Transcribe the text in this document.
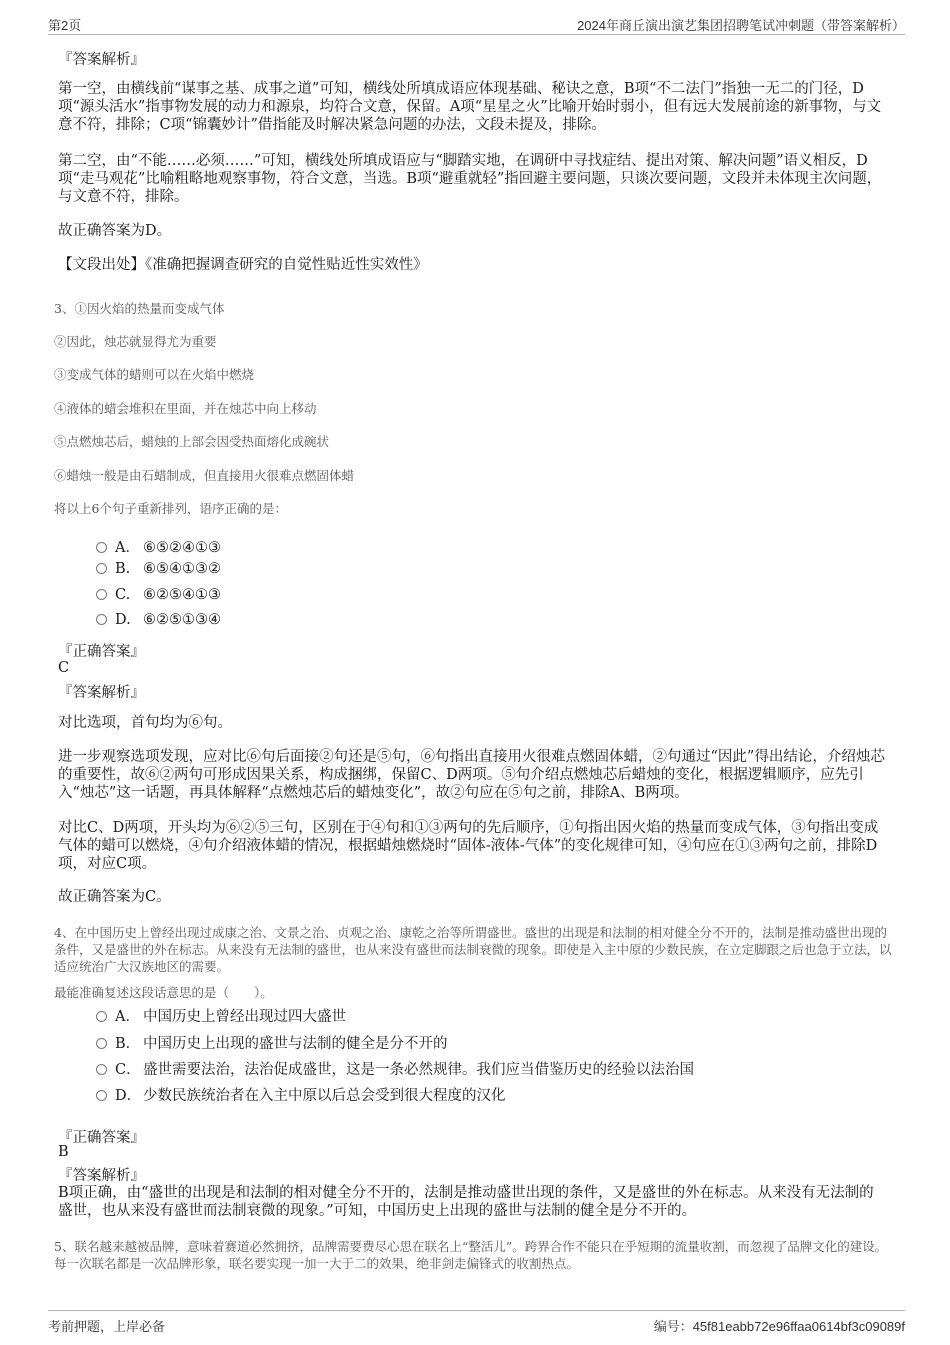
第2页	2024年商丘演出演艺集团招聘笔试冲刺题（带答案解析）
『答案解析』
第一空，由横线前“谋事之基、成事之道”可知，横线处所填成语应体现基础、秘诀之意，B项“不二法门”指独一无二的门径，D项“源头活水”指事物发展的动力和源泉，均符合文意，保留。A项“星星之火”比喻开始时弱小，但有远大发展前途的新事物，与文意不符，排除；C项“锦囊妙计”借指能及时解决紧急问题的办法，文段未提及，排除。
第二空，由“不能……必须……”可知，横线处所填成语应与“脚踏实地，在调研中寻找症结、提出对策、解决问题”语义相反，D项“走马观花”比喻粗略地观察事物，符合文意，当选。B项“避重就轻”指回避主要问题，只谈次要问题，文段并未体现主次问题，与文意不符，排除。
故正确答案为D。
【文段出处】《准确把握调查研究的自觉性贴近性实效性》
3、①因火焰的热量而变成气体
②因此，烛芯就显得尤为重要
③变成气体的蜡则可以在火焰中燃烧
④液体的蜡会堆积在里面，并在烛芯中向上移动
⑤点燃烛芯后，蜡烛的上部会因受热面熔化成碗状
⑥蜡烛一般是由石蜡制成，但直接用火很难点燃固体蜡
将以上6个句子重新排列，语序正确的是：
A． ⑥⑤②④①③
B. ⑥⑤④①③②
C. ⑥②⑤④①③
D. ⑥②⑤①③④
『正确答案』
C
『答案解析』
对比选项，首句均为⑥句。
进一步观察选项发现，应对比⑥句后面接②句还是⑤句，⑥句指出直接用火很难点燃固体蜡，②句通过“因此”得出结论，介绍烛芯的重要性，故⑥②两句可形成因果关系，构成捆绑，保留C、D两项。⑤句介绍点燃烛芯后蜡烛的变化，根据逻辑顺序，应先引入“烛芯”这一话题，再具体解释“点燃烛芯后的蜡烛变化”，故②句应在⑤句之前，排除A、B两项。
对比C、D两项，开头均为⑥②⑤三句，区别在于④句和①③两句的先后顺序，①句指出因火焰的热量而变成气体，③句指出变成气体的蜡可以燃烧，④句介绍液体蜡的情况，根据蜡烛燃烧时“固体-液体-气体”的变化规律可知，④句应在①③两句之前，排除D项，对应C项。
故正确答案为C。
4、在中国历史上曾经出现过成康之治、文景之治、贞观之治、康乾之治等所谓盛世。盛世的出现是和法制的相对健全分不开的，法制是推动盛世出现的条件，又是盛世的外在标志。从来没有无法制的盛世，也从来没有盛世而法制衰微的现象。即使是入主中原的少数民族，在立定脚跟之后也急于立法，以适应统治广大汉族地区的需要。
最能准确复述这段话意思的是（　　）。
A． 中国历史上曾经出现过四大盛世
B． 中国历史上出现的盛世与法制的健全是分不开的
C． 盛世需要法治，法治促成盛世，这是一条必然规律。我们应当借鉴历史的经验以法治国
D． 少数民族统治者在入主中原以后总会受到很大程度的汉化
『正确答案』
B
『答案解析』
B项正确，由“盛世的出现是和法制的相对健全分不开的，法制是推动盛世出现的条件，又是盛世的外在标志。从来没有无法制的盛世，也从来没有盛世而法制衰微的现象。”可知，中国历史上出现的盛世与法制的健全是分不开的。
5、联名越来越被品牌，意味着赛道必然拥挤，品牌需要费尽心思在联名上“整活儿”。跨界合作不能只在乎短期的流量收割，而忽视了品牌文化的建设。每一次联名都是一次品牌形象，联名要实现一加一大于二的效果，绝非剑走偏锋式的收割热点。
考前押题，上岸必备	编号：45f81eabb72e96ffaa0614bf3c09089f
